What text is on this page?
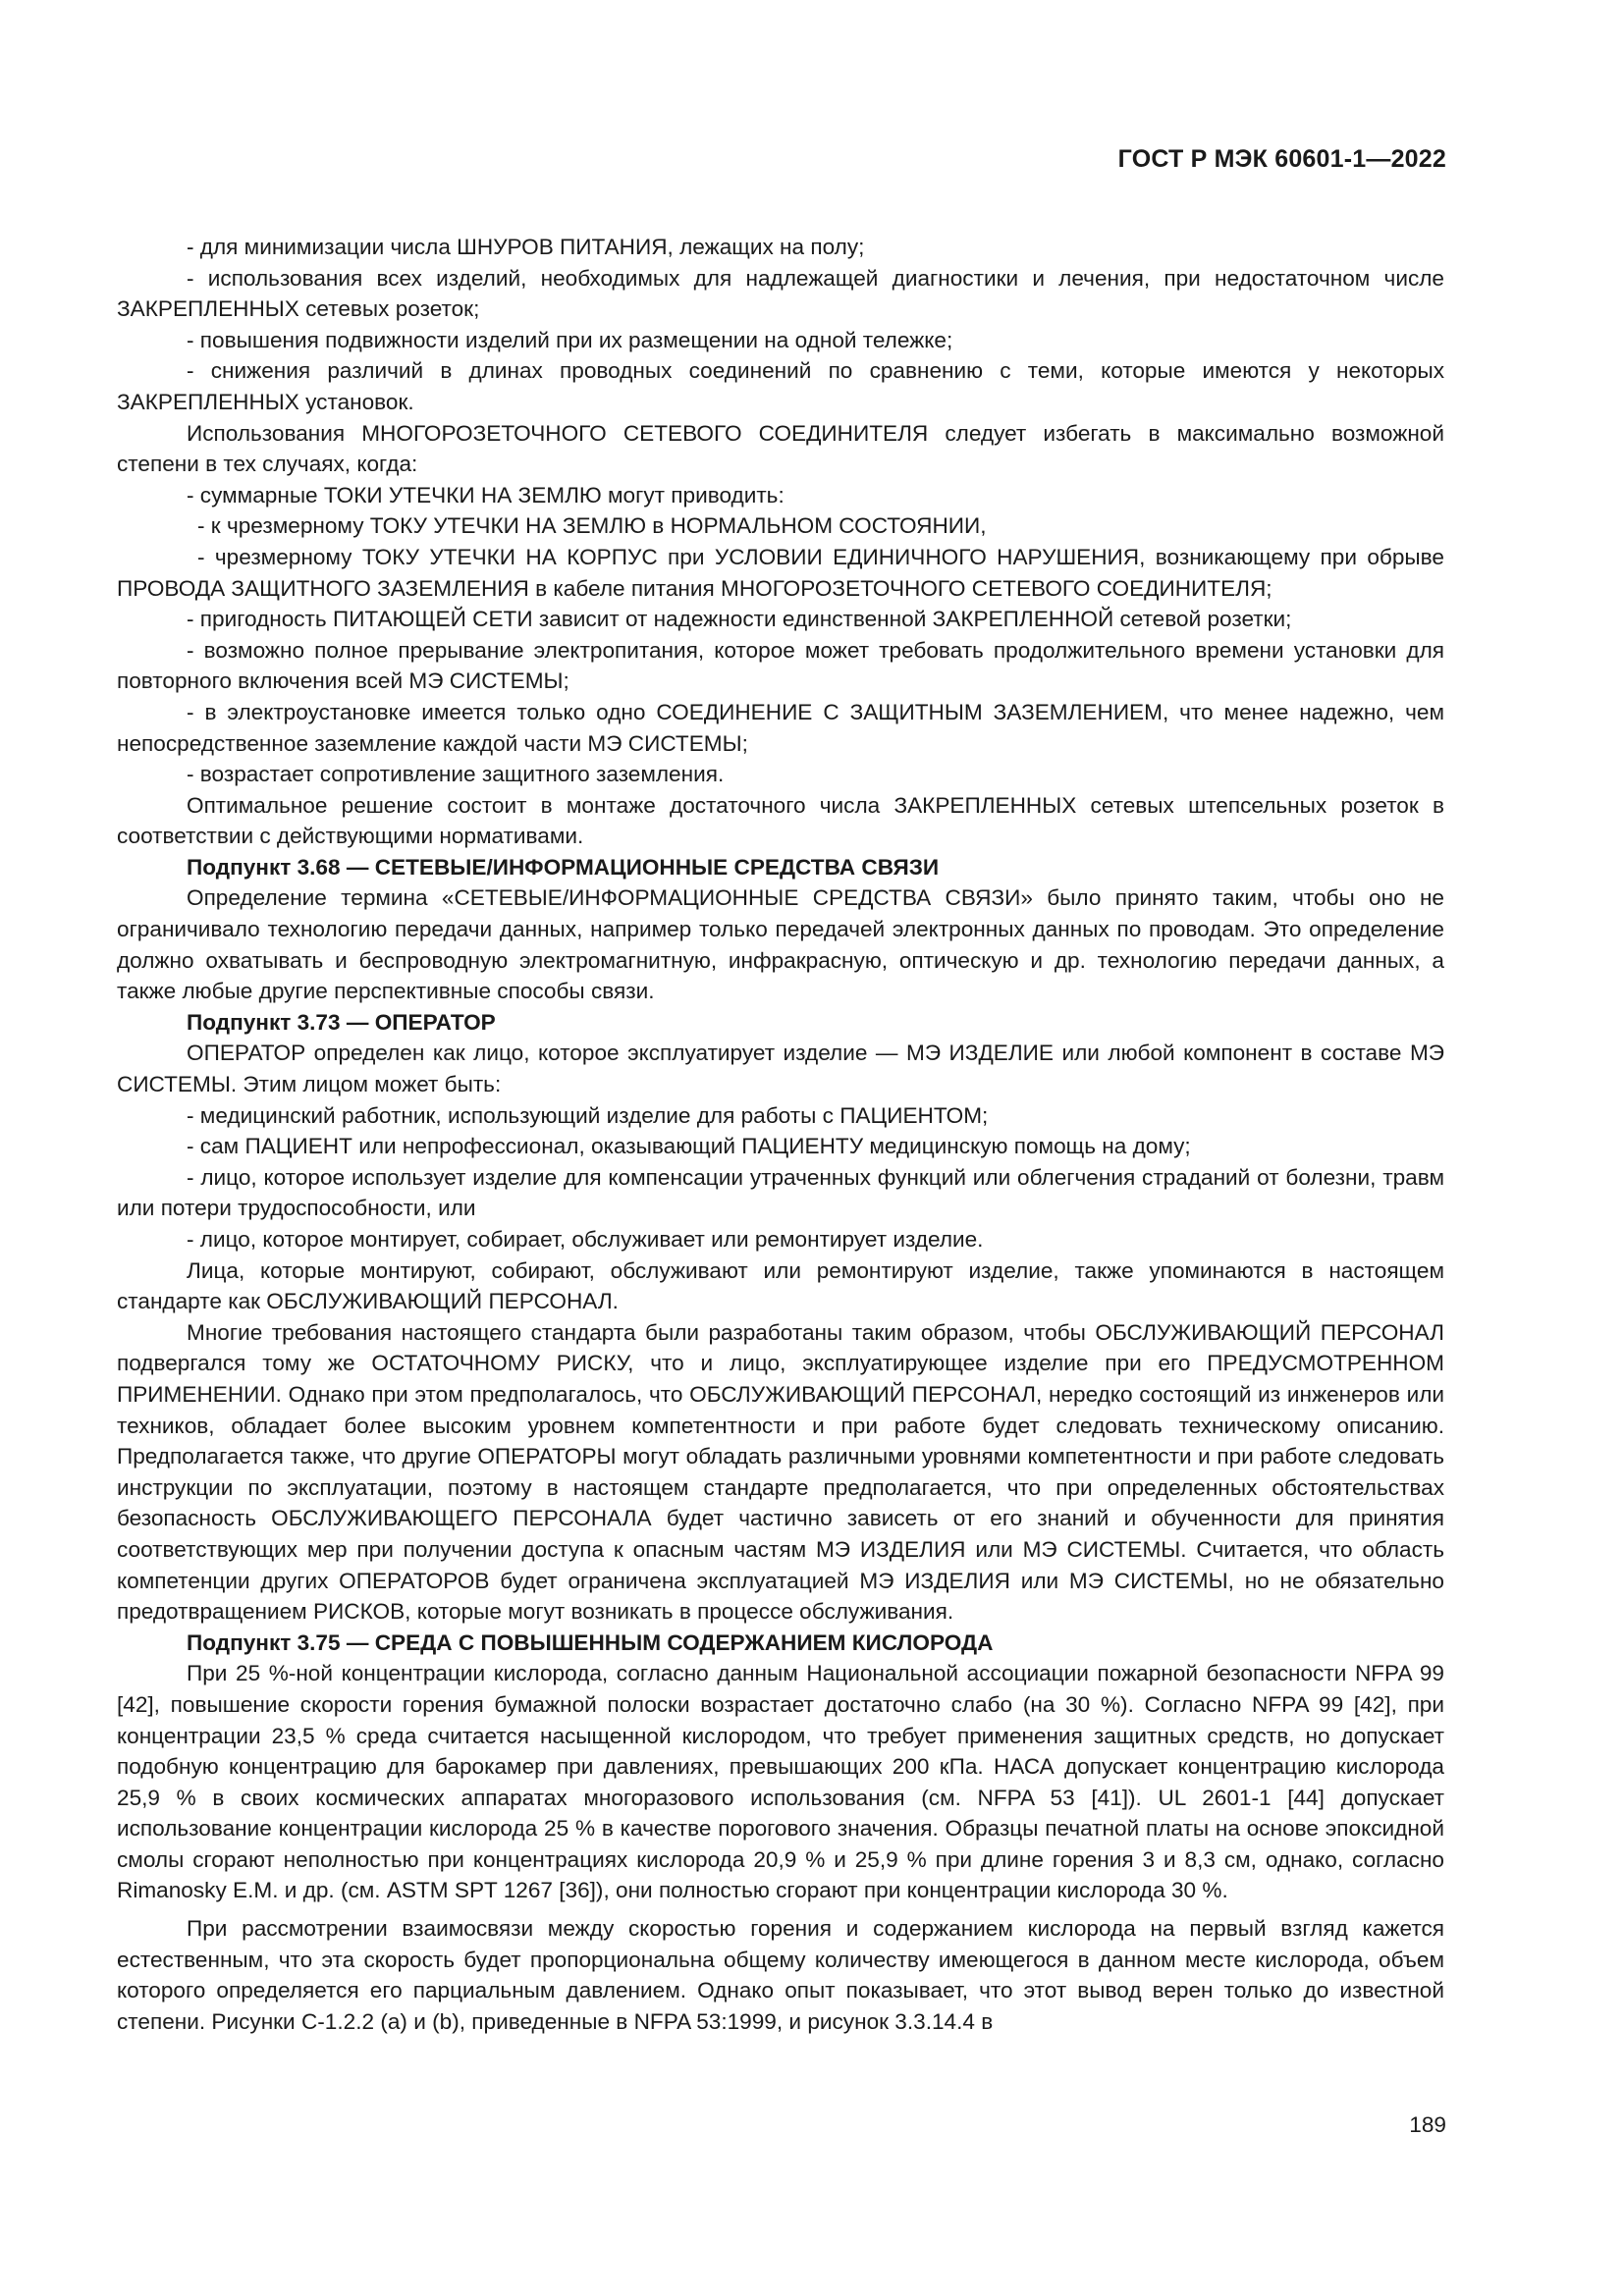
ГОСТ Р МЭК 60601-1—2022

- для минимизации числа ШНУРОВ ПИТАНИЯ, лежащих на полу;

- использования всех изделий, необходимых для надлежащей диагностики и лечения, при недостаточном числе ЗАКРЕПЛЕННЫХ сетевых розеток;

- повышения подвижности изделий при их размещении на одной тележке;

- снижения различий в длинах проводных соединений по сравнению с теми, которые имеются у некоторых ЗАКРЕПЛЕННЫХ установок.

Использования МНОГОРОЗЕТОЧНОГО СЕТЕВОГО СОЕДИНИТЕЛЯ следует избегать в максимально возможной степени в тех случаях, когда:

- суммарные ТОКИ УТЕЧКИ НА ЗЕМЛЮ могут приводить:

- к чрезмерному ТОКУ УТЕЧКИ НА ЗЕМЛЮ в НОРМАЛЬНОМ СОСТОЯНИИ,

- чрезмерному ТОКУ УТЕЧКИ НА КОРПУС при УСЛОВИИ ЕДИНИЧНОГО НАРУШЕНИЯ, возникающему при обрыве ПРОВОДА ЗАЩИТНОГО ЗАЗЕМЛЕНИЯ в кабеле питания МНОГОРОЗЕТОЧНОГО СЕТЕВОГО СОЕДИНИТЕЛЯ;

- пригодность ПИТАЮЩЕЙ СЕТИ зависит от надежности единственной ЗАКРЕПЛЕННОЙ сетевой розетки;

- возможно полное прерывание электропитания, которое может требовать продолжительного времени установки для повторного включения всей МЭ СИСТЕМЫ;

- в электроустановке имеется только одно СОЕДИНЕНИЕ С ЗАЩИТНЫМ ЗАЗЕМЛЕНИЕМ, что менее надежно, чем непосредственное заземление каждой части МЭ СИСТЕМЫ;

- возрастает сопротивление защитного заземления.

Оптимальное решение состоит в монтаже достаточного числа ЗАКРЕПЛЕННЫХ сетевых штепсельных розеток в соответствии с действующими нормативами.

Подпункт 3.68 — СЕТЕВЫЕ/ИНФОРМАЦИОННЫЕ СРЕДСТВА СВЯЗИ

Определение термина «СЕТЕВЫЕ/ИНФОРМАЦИОННЫЕ СРЕДСТВА СВЯЗИ» было принято таким, чтобы оно не ограничивало технологию передачи данных, например только передачей электронных данных по проводам. Это определение должно охватывать и беспроводную электромагнитную, инфракрасную, оптическую и др. технологию передачи данных, а также любые другие перспективные способы связи.

Подпункт 3.73 — ОПЕРАТОР

ОПЕРАТОР определен как лицо, которое эксплуатирует изделие — МЭ ИЗДЕЛИЕ или любой компонент в составе МЭ СИСТЕМЫ. Этим лицом может быть:

- медицинский работник, использующий изделие для работы с ПАЦИЕНТОМ;

- сам ПАЦИЕНТ или непрофессионал, оказывающий ПАЦИЕНТУ медицинскую помощь на дому;

- лицо, которое использует изделие для компенсации утраченных функций или облегчения страданий от болезни, травм или потери трудоспособности, или

- лицо, которое монтирует, собирает, обслуживает или ремонтирует изделие.

Лица, которые монтируют, собирают, обслуживают или ремонтируют изделие, также упоминаются в настоящем стандарте как ОБСЛУЖИВАЮЩИЙ ПЕРСОНАЛ.

Многие требования настоящего стандарта были разработаны таким образом, чтобы ОБСЛУЖИВАЮЩИЙ ПЕРСОНАЛ подвергался тому же ОСТАТОЧНОМУ РИСКУ, что и лицо, эксплуатирующее изделие при его ПРЕДУСМОТРЕННОМ ПРИМЕНЕНИИ. Однако при этом предполагалось, что ОБСЛУЖИВАЮЩИЙ ПЕРСОНАЛ, нередко состоящий из инженеров или техников, обладает более высоким уровнем компетентности и при работе будет следовать техническому описанию. Предполагается также, что другие ОПЕРАТОРЫ могут обладать различными уровнями компетентности и при работе следовать инструкции по эксплуатации, поэтому в настоящем стандарте предполагается, что при определенных обстоятельствах безопасность ОБСЛУЖИВАЮЩЕГО ПЕРСОНАЛА будет частично зависеть от его знаний и обученности для принятия соответствующих мер при получении доступа к опасным частям МЭ ИЗДЕЛИЯ или МЭ СИСТЕМЫ. Считается, что область компетенции других ОПЕРАТОРОВ будет ограничена эксплуатацией МЭ ИЗДЕЛИЯ или МЭ СИСТЕМЫ, но не обязательно предотвращением РИСКОВ, которые могут возникать в процессе обслуживания.

Подпункт 3.75 — СРЕДА С ПОВЫШЕННЫМ СОДЕРЖАНИЕМ КИСЛОРОДА

При 25 %-ной концентрации кислорода, согласно данным Национальной ассоциации пожарной безопасности NFPA 99 [42], повышение скорости горения бумажной полоски возрастает достаточно слабо (на 30 %). Согласно NFPA 99 [42], при концентрации 23,5 % среда считается насыщенной кислородом, что требует применения защитных средств, но допускает подобную концентрацию для барокамер при давлениях, превышающих 200 кПа. НАСА допускает концентрацию кислорода 25,9 % в своих космических аппаратах многоразового использования (см. NFPA 53 [41]). UL 2601-1 [44] допускает использование концентрации кислорода 25 % в качестве порогового значения. Образцы печатной платы на основе эпоксидной смолы сгорают неполностью при концентрациях кислорода 20,9 % и 25,9 % при длине горения 3 и 8,3 см, однако, согласно Rimanosky E.M. и др. (см. ASTM SPT 1267 [36]), они полностью сгорают при концентрации кислорода 30 %.

При рассмотрении взаимосвязи между скоростью горения и содержанием кислорода на первый взгляд кажется естественным, что эта скорость будет пропорциональна общему количеству имеющегося в данном месте кислорода, объем которого определяется его парциальным давлением. Однако опыт показывает, что этот вывод верен только до известной степени. Рисунки C-1.2.2 (a) и (b), приведенные в NFPA 53:1999, и рисунок 3.3.14.4 в

189
